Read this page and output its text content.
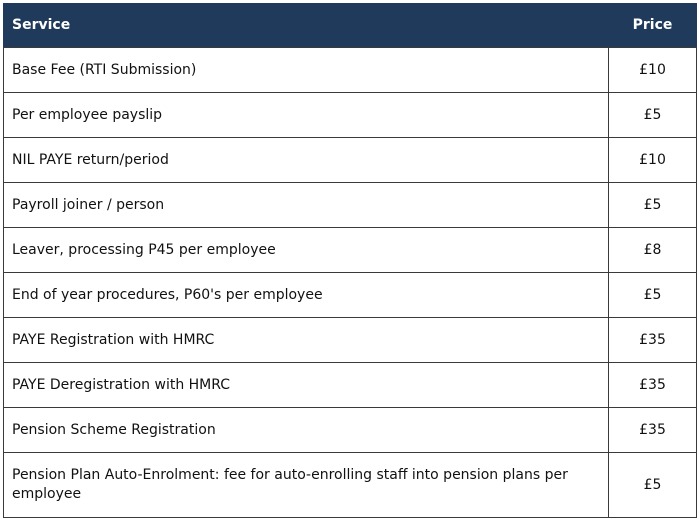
Service	Price
Base Fee (RTI Submission)	£10
Per employee payslip	£5
NIL PAYE return/period	£10
Payroll joiner / person	£5
Leaver, processing P45 per employee	£8
End of year procedures, P60's per employee	£5
PAYE Registration with HMRC	£35
PAYE Deregistration with HMRC	£35
Pension Scheme Registration	£35
Pension Plan Auto-Enrolment: fee for auto-enrolling staff into pension plans per employee	£5
